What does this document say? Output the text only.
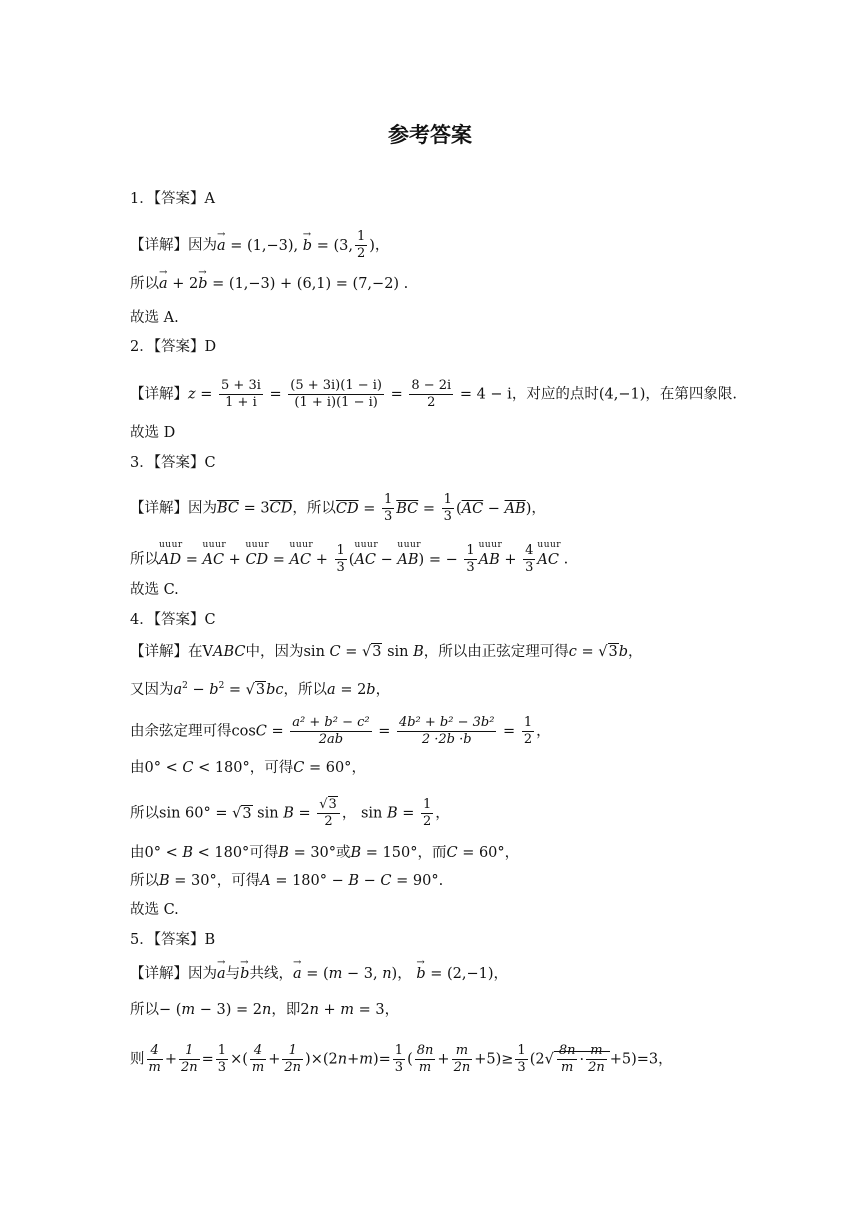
参考答案
1．【答案】A
【详解】因为→ a = (1,−3), → b = (3, $\frac{1}{2}$ )，
所以→ a + 2→ b = (1,−3) + (6,1) = (7,−2) .
故选 A.
2．【答案】D
【详解】$z = \frac{5 + 3i}{1 + i} = \frac{(5 + 3i)(1 - i)}{(1 + i)(1 - i)} = \frac{8 - 2i}{2} = 4 - i$，对应的点时(4,−1)，在第四象限.
故选 D
3．【答案】C
【详解】因为$\overline{BC} = 3\overline{CD}$，所以$\overline{CD} = \frac{1}{3} \overline{BC} = \frac{1}{3} (\overline{AC} - \overline{AB})$，
所以uuur AD = uuur AC + uuur CD = uuur AC + $\frac{1}{3}$ (uuur AC − uuur AB) = − $\frac{1}{3}$ uuur AB + $\frac{4}{3}$ uuur AC .
故选 C.
4．【答案】C
【详解】在VABC中，因为sin C = √3 sin B，所以由正弦定理可得c = √3b，
又因为$a^2 - b^2 = √3bc$，所以a = 2b，
由余弦定理可得$\cos C = \frac{\text{a² + b² − c²}}{2ab} = \frac{\text{4b² + b² − 3b²}}{2 \cdot 2b \cdot b} = \frac{1}{2}$ ，
由0° < C < 180°，可得C = 60°，
所以sin 60° = √3 $\sin B = \frac{√3}{2}$ ， $\sin B = \frac{1}{2}$ ，
由0° < B < 180°可得B = 30°或B = 150°，而C = 60°，
所以B = 30°，可得A = 180° − B − C = 90°.
故选 C.
5．【答案】B
【详解】因为→ a与→ b共线，→ a = (m − 3, n)， → b = (2,−1)，
所以− (m − 3) = 2n，即2n + m = 3，
则 $\frac{4}{m} + \frac{1}{2n} = \frac{1}{3}$ ×( $\frac{4}{m} + \frac{1}{2n} )\times(2n+m)= \frac{1}{3}$ ( $\frac{8n}{m} + \frac{m}{2n} +5)\ge \frac{1}{3} (2√ \frac{8n}{m} \cdot \frac{m}{2n} +5)=3$，
